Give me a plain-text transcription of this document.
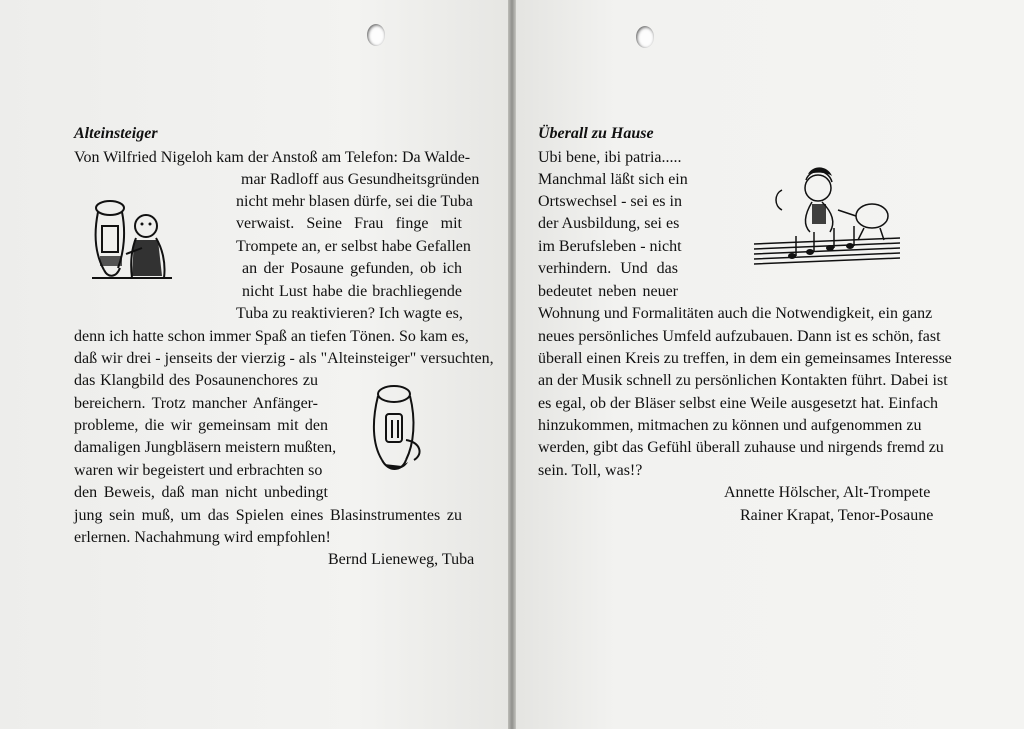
Alteinsteiger
Von Wilfried Nigeloh kam der Anstoß am Telefon: Da Walde-
mar Radloff aus Gesundheitsgründen
nicht mehr blasen dürfe, sei die Tuba
verwaist. Seine Frau finge mit
Trompete an, er selbst habe Gefallen
an der Posaune gefunden, ob ich
nicht Lust habe die brachliegende
Tuba zu reaktivieren? Ich wagte es,
denn ich hatte schon immer Spaß an tiefen Tönen. So kam es,
daß wir drei - jenseits der vierzig - als "Alteinsteiger" versuchten,
das Klangbild des Posaunenchores zu
bereichern. Trotz mancher Anfänger-
probleme, die wir gemeinsam mit den
damaligen Jungbläsern meistern mußten,
waren wir begeistert und erbrachten so
den Beweis, daß man nicht unbedingt
jung sein muß, um das Spielen eines Blasinstrumentes zu
erlernen. Nachahmung wird empfohlen!
Bernd Lieneweg, Tuba
Überall zu Hause
Ubi bene, ibi patria.....
Manchmal läßt sich ein
Ortswechsel - sei es in
der Ausbildung, sei es
im Berufsleben - nicht
verhindern. Und das
bedeutet neben neuer
Wohnung und Formalitäten auch die Notwendigkeit, ein ganz
neues persönliches Umfeld aufzubauen. Dann ist es schön, fast
überall einen Kreis zu treffen, in dem ein gemeinsames Interesse
an der Musik schnell zu persönlichen Kontakten führt. Dabei ist
es egal, ob der Bläser selbst eine Weile ausgesetzt hat. Einfach
hinzukommen, mitmachen zu können und aufgenommen zu
werden, gibt das Gefühl überall zuhause und nirgends fremd zu
sein. Toll, was!?
Annette Hölscher, Alt-Trompete
Rainer Krapat, Tenor-Posaune
